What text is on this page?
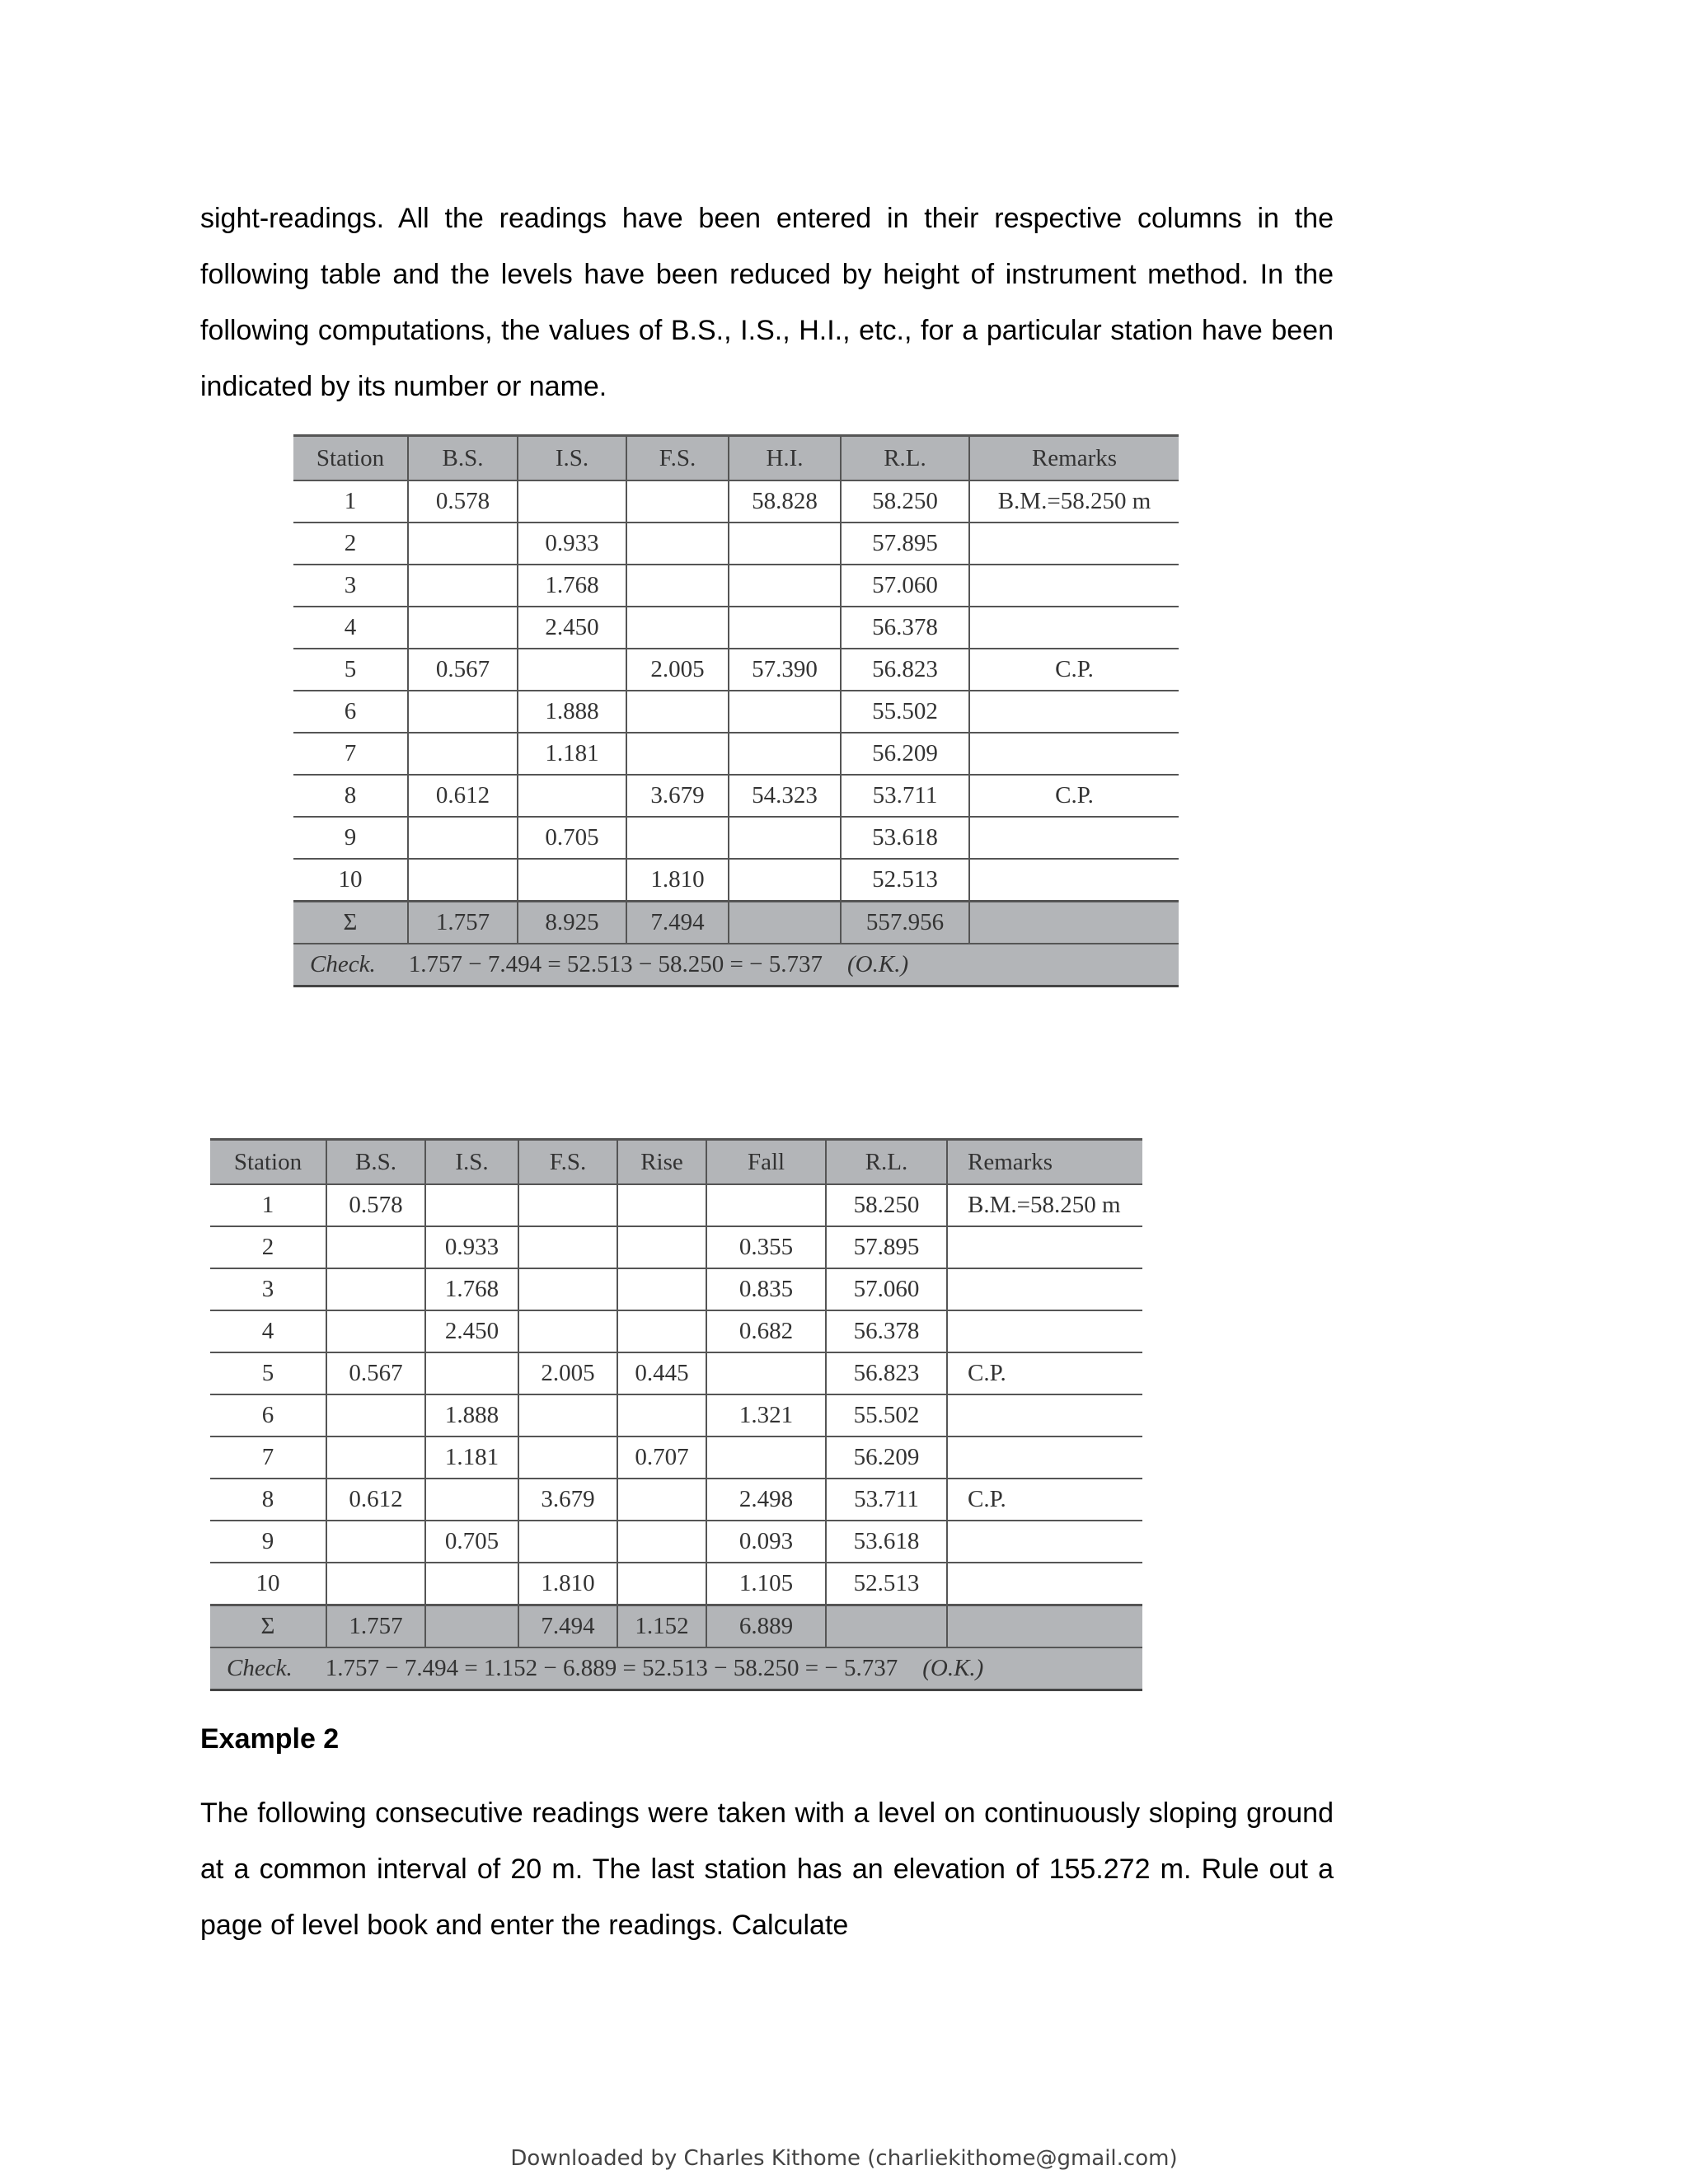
sight-readings. All the readings have been entered in their respective columns in the following table and the levels have been reduced by height of instrument method. In the following computations, the values of B.S., I.S., H.I., etc., for a particular station have been indicated by its number or name.

Station	B.S.	I.S.	F.S.	H.I.	R.L.	Remarks
1	0.578			58.828	58.250	B.M.=58.250 m
2		0.933			57.895	
3		1.768			57.060	
4		2.450			56.378	
5	0.567		2.005	57.390	56.823	C.P.
6		1.888			55.502	
7		1.181			56.209	
8	0.612		3.679	54.323	53.711	C.P.
9		0.705			53.618	
10			1.810		52.513	
Σ	1.757	8.925	7.494		557.956	
Check. 1.757 − 7.494 = 52.513 − 58.250 = − 5.737 (O.K.)						
Station	B.S.	I.S.	F.S.	Rise	Fall	R.L.	Remarks
1	0.578					58.250	B.M.=58.250 m
2		0.933			0.355	57.895	
3		1.768			0.835	57.060	
4		2.450			0.682	56.378	
5	0.567		2.005	0.445		56.823	C.P.
6		1.888			1.321	55.502	
7		1.181		0.707		56.209	
8	0.612		3.679		2.498	53.711	C.P.
9		0.705			0.093	53.618	
10			1.810		1.105	52.513	
Σ	1.757		7.494	1.152	6.889		
Check. 1.757 − 7.494 = 1.152 − 6.889 = 52.513 − 58.250 = − 5.737 (O.K.)							

Example 2

The following consecutive readings were taken with a level on continuously sloping ground at a common interval of 20 m. The last station has an elevation of 155.272 m. Rule out a page of level book and enter the readings. Calculate

Downloaded by Charles Kithome (charliekithome@gmail.com)
